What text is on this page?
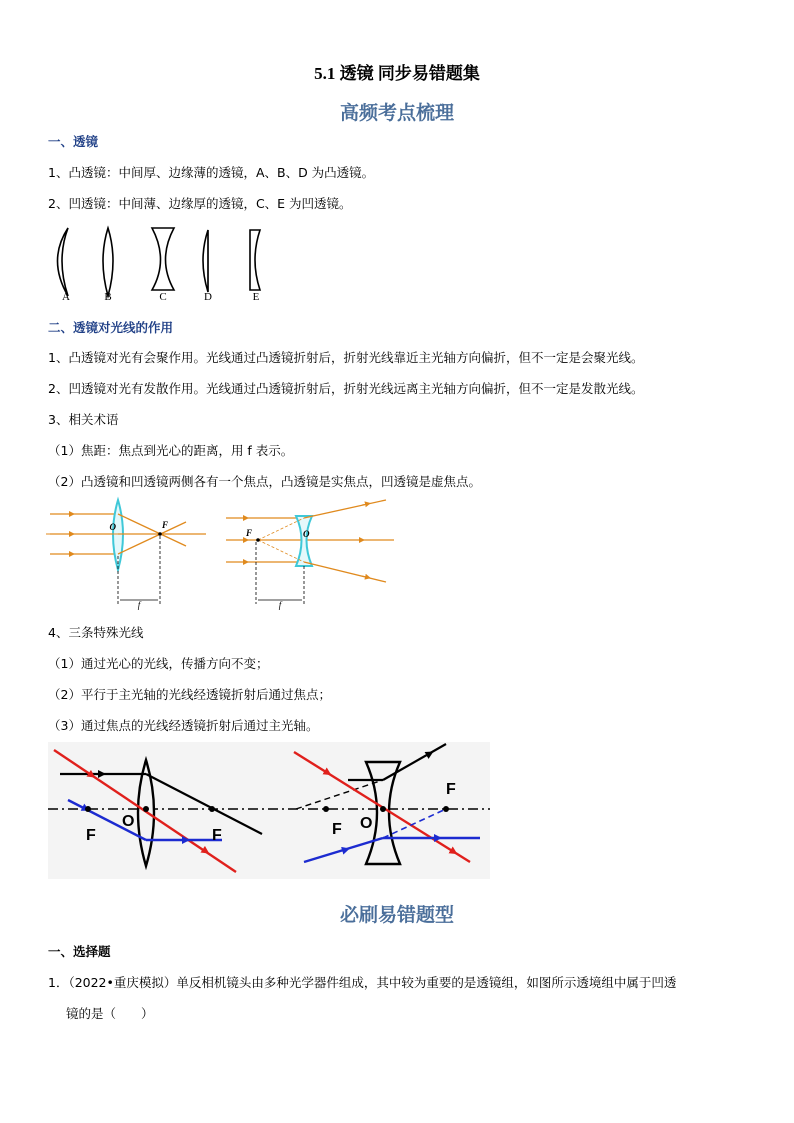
5.1 透镜 同步易错题集
高频考点梳理
一、透镜
1、凸透镜：中间厚、边缘薄的透镜，A、B、D 为凸透镜。
2、凹透镜：中间薄、边缘厚的透镜，C、E 为凹透镜。
A	B	C	D	E
二、透镜对光线的作用
1、凸透镜对光有会聚作用。光线通过凸透镜折射后，折射光线靠近主光轴方向偏折，但不一定是会聚光线。
2、凹透镜对光有发散作用。光线通过凸透镜折射后，折射光线远离主光轴方向偏折，但不一定是发散光线。
3、相关术语
（1）焦距：焦点到光心的距离，用 f 表示。
（2）凸透镜和凹透镜两侧各有一个焦点，凸透镜是实焦点，凹透镜是虚焦点。
O	F
f
F	O
f
4、三条特殊光线
（1）通过光心的光线，传播方向不变；
（2）平行于主光轴的光线经透镜折射后通过焦点；
（3）通过焦点的光线经透镜折射后通过主光轴。
F
O
F	F O
F
必刷易错题型
一、选择题
1．（2022•重庆模拟）单反相机镜头由多种光学器件组成，其中较为重要的是透镜组，如图所示透境组中属于凹透
镜的是（　　）
